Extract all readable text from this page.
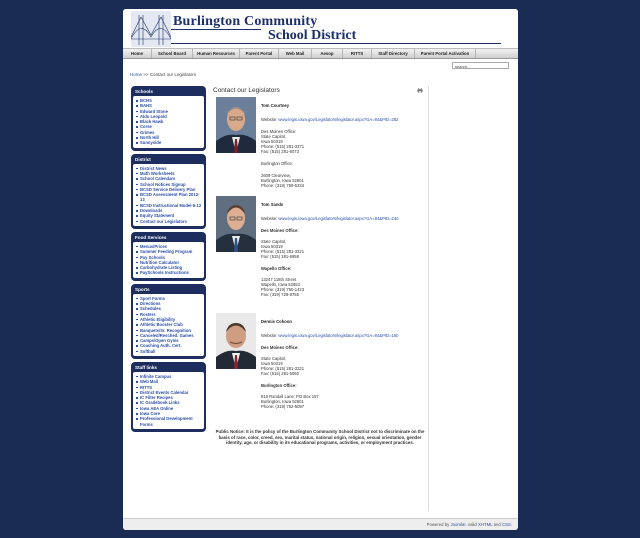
Burlington Community
School District
Home	School Board	Human Resources	Parent Portal	Web Mail	Aesop	RITTS	Staff Directory	Parent Portal Activation
search...
Home >> Contact our Legislators
Schools
BCHS
BAHS
Edward Stone
Aldo Leopold
Black Hawk
Corse
Grimes
North Hill
Sunnyside
District
District News
Math Worksheets
School Calendars
School Notices Signup
BCSD Service Delivery Plan
BCSD Assessment Plan 2012-13
BCSD Instructional Model-5-12
Downloads
Equity Statement
Contact our Legislators
Food Services
Menus/Prices
Summer Feeding Program
Pay Schools
Nutrition Calculator
Carbohydrate Listing
PaySchools Instructions
Sports
Sport Forms
Directions
Schedules
Rosters
Athletic Eligibility
Athletic Booster Club
Banquets/Sr. Recognition
Canceled/Resched. Games
Camps/Open Gyms
Coaching Auth. Cert.
Softball
Staff links
Infinite Campus
Web Mail
RITTS
District Events Calendar
IC Filter Recipes
IC Gradebook Links
Iowa AEA Online
Iowa Core
Professional Development Forms
Contact our Legislators
Tom Courtney
Website: www.legis.iowa.gov/Legislators/legislator.aspx?GA=84&PID=282
Des Moines Office:
State Capitol,
Iowa 50319
Phone: (515) 281-3371
Fax: (515) 281-6073
Burlington Office:
2609 Clearview,
Burlington, Iowa 52601
Phone: (319) 759-5334
Tom Sands
Website: www.legis.iowa.gov/Legislators/legislator.aspx?GA=84&PID=240
Des Moines Office:
State Capitol,
Iowa 50319
Phone: (515) 281-3221
Fax: (515) 281-6958
Wapello Office:
13247 118th Street
Wapello, Iowa 52653
Phone: (319) 750-1423
Fax: (319) 728-8755
Dennis Cohoon
Website: www.legis.iowa.gov/Legislators/legislator.aspx?GA=84&PID=160
Des Moines Office:
State Capitol,
Iowa 50319
Phone: (515) 281-3221
Fax: (515) 281-5050
Burlington Office:
816 Randall Lane; PO Box 157
Burlington, Iowa 52601
Phone: (319) 752-5097
Public Notice: It is the policy of the Burlington Community School District not to discriminate on the basis of race, color, creed, sex, marital status, national origin, religion, sexual orientation, gender identity, age, or disability in its educational programs, activities, or employment practices.
Powered by Joomla!. valid XHTML and CSS.
